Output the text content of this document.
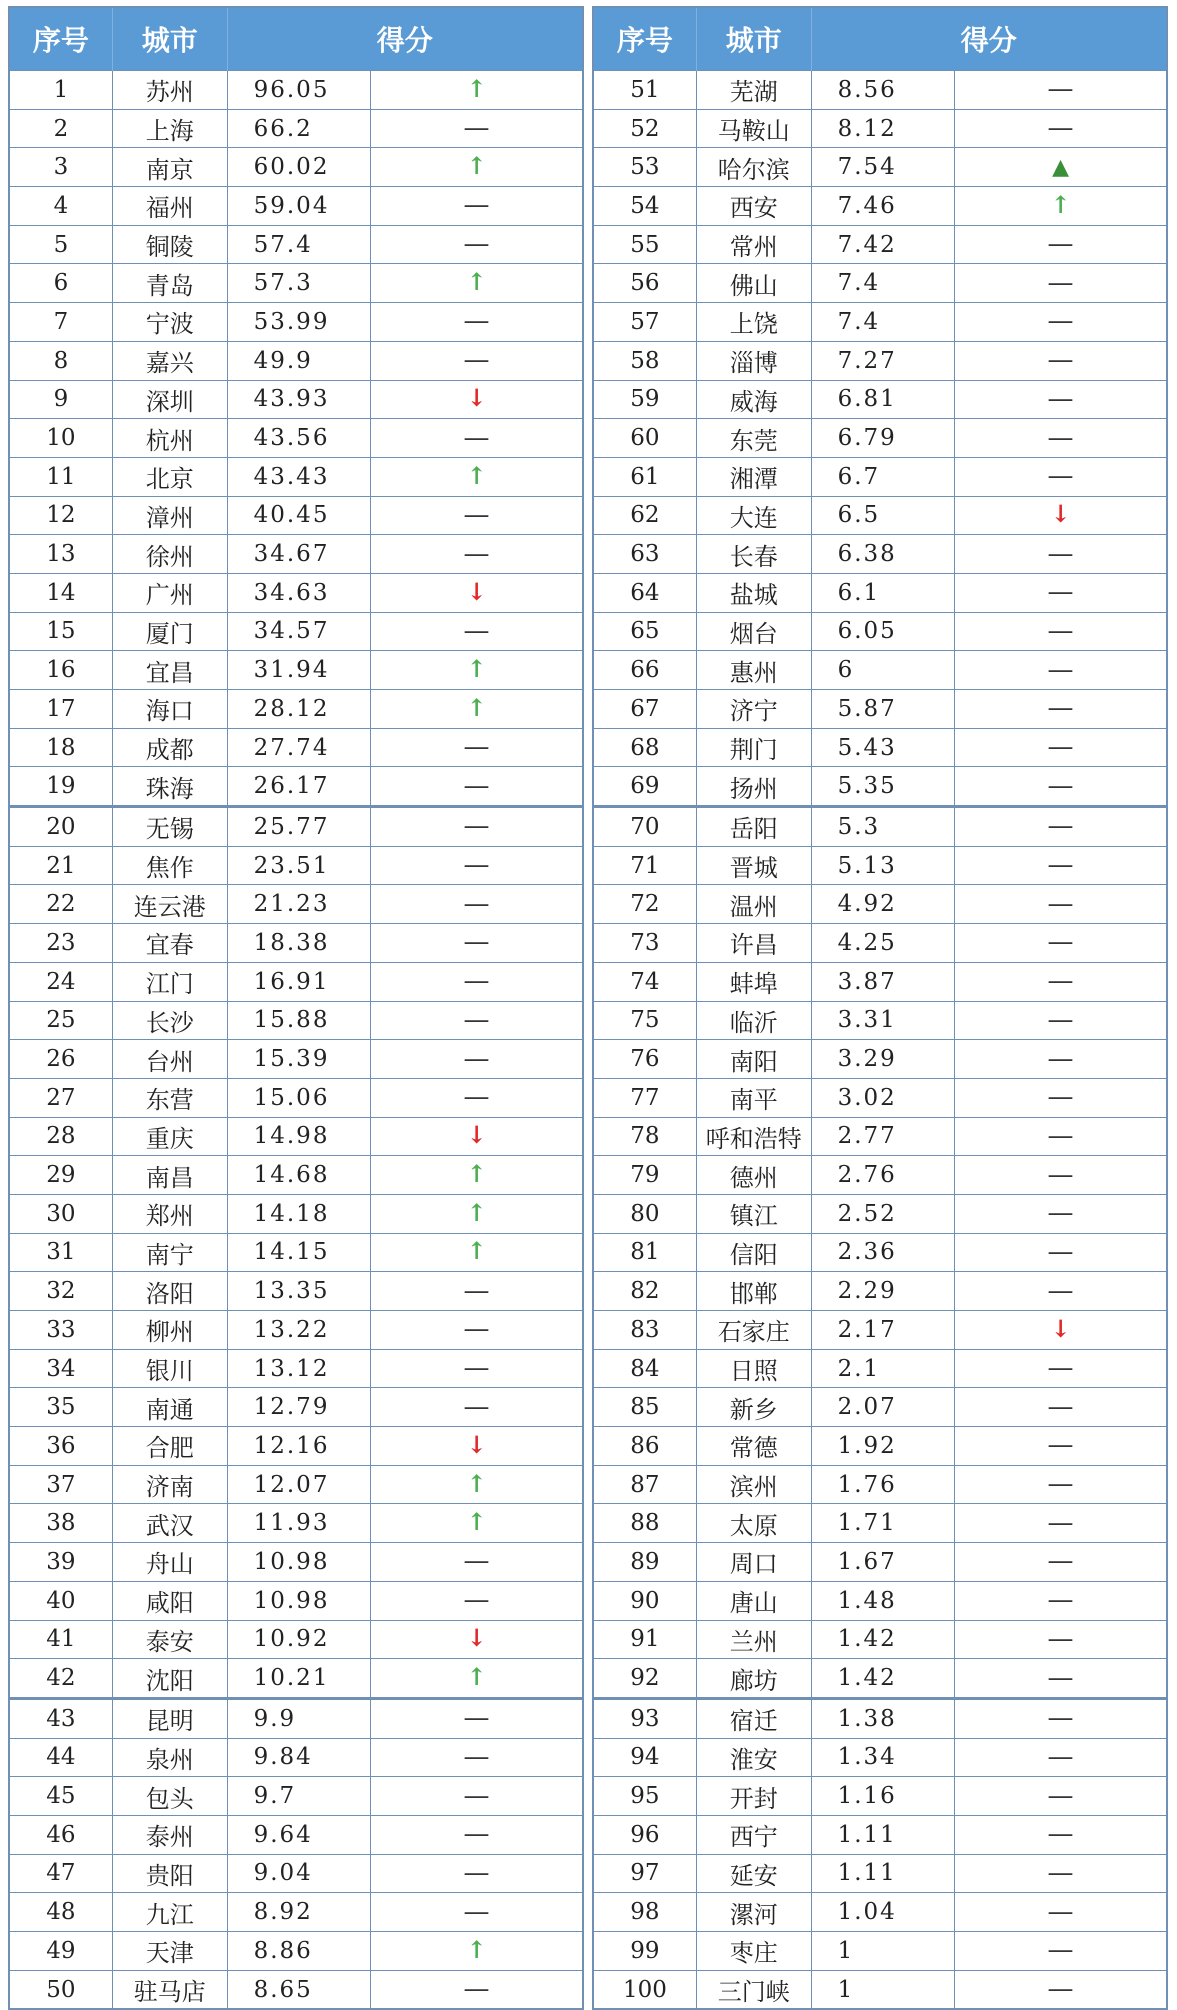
序号	城市	得分	
1	苏州	96.05	↑
2	上海	66.2	—
3	南京	60.02	↑
4	福州	59.04	—
5	铜陵	57.4	—
6	青岛	57.3	↑
7	宁波	53.99	—
8	嘉兴	49.9	—
9	深圳	43.93	↓
10	杭州	43.56	—
11	北京	43.43	↑
12	漳州	40.45	—
13	徐州	34.67	—
14	广州	34.63	↓
15	厦门	34.57	—
16	宜昌	31.94	↑
17	海口	28.12	↑
18	成都	27.74	—
19	珠海	26.17	—
20	无锡	25.77	—
21	焦作	23.51	—
22	连云港	21.23	—
23	宜春	18.38	—
24	江门	16.91	—
25	长沙	15.88	—
26	台州	15.39	—
27	东营	15.06	—
28	重庆	14.98	↓
29	南昌	14.68	↑
30	郑州	14.18	↑
31	南宁	14.15	↑
32	洛阳	13.35	—
33	柳州	13.22	—
34	银川	13.12	—
35	南通	12.79	—
36	合肥	12.16	↓
37	济南	12.07	↑
38	武汉	11.93	↑
39	舟山	10.98	—
40	咸阳	10.98	—
41	泰安	10.92	↓
42	沈阳	10.21	↑
43	昆明	9.9	—
44	泉州	9.84	—
45	包头	9.7	—
46	泰州	9.64	—
47	贵阳	9.04	—
48	九江	8.92	—
49	天津	8.86	↑
50	驻马店	8.65	—
序号	城市	得分	
51	芜湖	8.56	—
52	马鞍山	8.12	—
53	哈尔滨	7.54	▲
54	西安	7.46	↑
55	常州	7.42	—
56	佛山	7.4	—
57	上饶	7.4	—
58	淄博	7.27	—
59	威海	6.81	—
60	东莞	6.79	—
61	湘潭	6.7	—
62	大连	6.5	↓
63	长春	6.38	—
64	盐城	6.1	—
65	烟台	6.05	—
66	惠州	6	—
67	济宁	5.87	—
68	荆门	5.43	—
69	扬州	5.35	—
70	岳阳	5.3	—
71	晋城	5.13	—
72	温州	4.92	—
73	许昌	4.25	—
74	蚌埠	3.87	—
75	临沂	3.31	—
76	南阳	3.29	—
77	南平	3.02	—
78	呼和浩特	2.77	—
79	德州	2.76	—
80	镇江	2.52	—
81	信阳	2.36	—
82	邯郸	2.29	—
83	石家庄	2.17	↓
84	日照	2.1	—
85	新乡	2.07	—
86	常德	1.92	—
87	滨州	1.76	—
88	太原	1.71	—
89	周口	1.67	—
90	唐山	1.48	—
91	兰州	1.42	—
92	廊坊	1.42	—
93	宿迁	1.38	—
94	淮安	1.34	—
95	开封	1.16	—
96	西宁	1.11	—
97	延安	1.11	—
98	漯河	1.04	—
99	枣庄	1	—
100	三门峡	1	—
